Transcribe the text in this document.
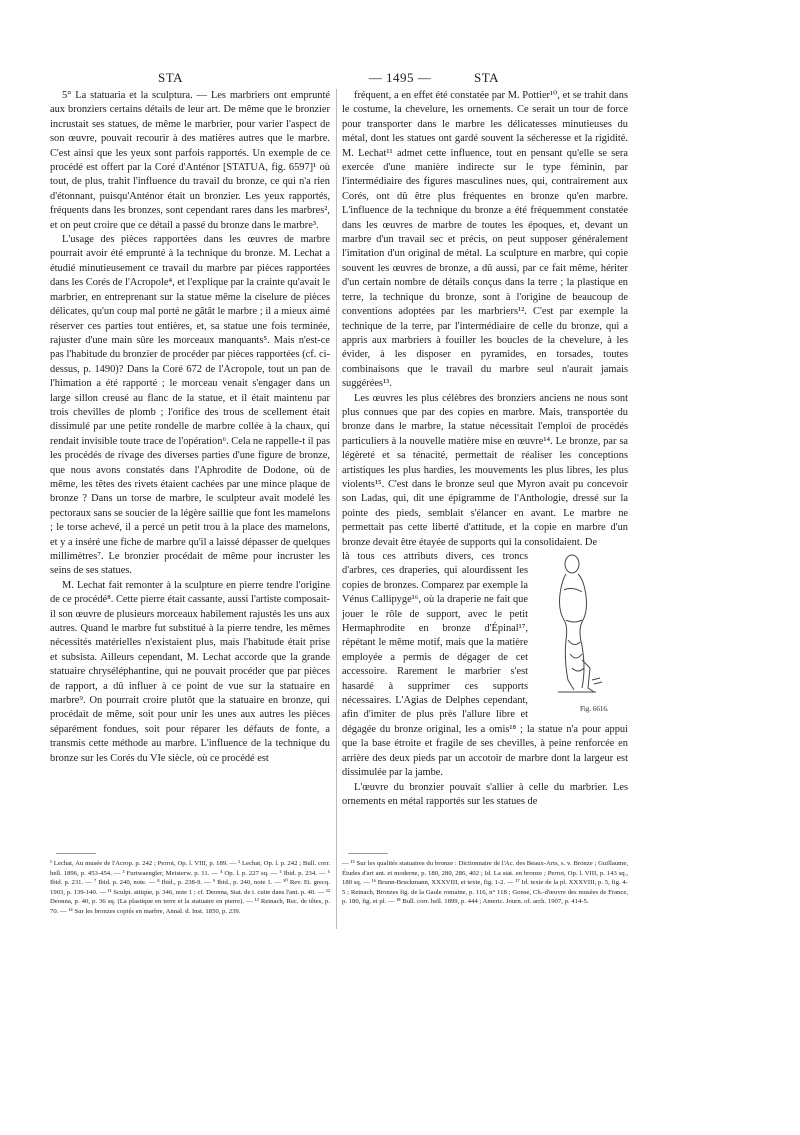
STA	— 1495 —	STA

5° La statuaria et la sculptura. — Les marbriers ont emprunté aux bronziers certains détails de leur art. De même que le bronzier incrustait ses statues, de même le marbrier, pour varier l'aspect de son œuvre, pouvait recourir à des matières autres que le marbre. C'est ainsi que les yeux sont parfois rapportés. Un exemple de ce procédé est offert par la Coré d'Anténor [STATUA, fig. 6597]¹ où tout, de plus, trahit l'influence du travail du bronze, ce qui n'a rien d'étonnant, puisqu'Anténor était un bronzier. Les yeux rapportés, fréquents dans les bronzes, sont cependant rares dans les marbres², et on peut croire que ce détail a passé du bronze dans le marbre³.

L'usage des pièces rapportées dans les œuvres de marbre pourrait avoir été emprunté à la technique du bronze. M. Lechat a étudié minutieusement ce travail du marbre par pièces rapportées dans les Corés de l'Acropole⁴, et l'explique par la crainte qu'avait le marbrier, en entreprenant sur la statue même la ciselure de pièces délicates, qu'un coup mal porté ne gâtât le marbre ; il a mieux aimé réserver ces parties tout entières, et, sa statue une fois terminée, rajuster d'une main sûre les morceaux manquants⁵. Mais n'est-ce pas l'habitude du bronzier de procéder par pièces rapportées (cf. ci-dessus, p. 1490)? Dans la Coré 672 de l'Acropole, tout un pan de l'himation a été rapporté ; le morceau venait s'engager dans un large sillon creusé au flanc de la statue, et il était maintenu par trois chevilles de plomb ; l'orifice des trous de scellement était dissimulé par une petite rondelle de marbre collée à la chaux, qui rendait invisible toute trace de l'opération⁶. Cela ne rappelle-t il pas les procédés de rivage des diverses parties d'une figure de bronze, que nous avons constatés dans l'Aphrodite de Dodone, où de même, les têtes des rivets étaient cachées par une mince plaque de bronze ? Dans un torse de marbre, le sculpteur avait modelé les pectoraux sans se soucier de la légère saillie que font les mamelons ; le torse achevé, il a percé un petit trou à la place des mamelons, et y a inséré une fiche de marbre qu'il a laissé dépasser de quelques millimètres⁷. Le bronzier procédait de même pour incruster les seins de ses statues.

M. Lechat fait remonter à la sculpture en pierre tendre l'origine de ce procédé⁸. Cette pierre était cassante, aussi l'artiste composait-il son œuvre de plusieurs morceaux habilement rajustés les uns aux autres. Quand le marbre fut substitué à la pierre tendre, les mêmes nécessités matérielles n'existaient plus, mais l'habitude était prise et subsista. Ailleurs cependant, M. Lechat accorde que la grande statuaire chryséléphantine, qui ne pouvait procéder que par pièces de rapport, a dû influer à ce point de vue sur la statuaire en marbre⁹. On pourrait croire plutôt que la statuaire en bronze, qui procédait de même, soit pour unir les unes aux autres les pièces séparément fondues, soit pour réparer les défauts de fonte, a transmis cette méthode au marbre. L'influence de la technique du bronze sur les Corés du VIe siècle, où ce procédé est

fréquent, a en effet été constatée par M. Pottier¹⁰, et se trahit dans le costume, la chevelure, les ornements. Ce serait un tour de force pour transporter dans le marbre les délicatesses minutieuses du métal, dont les statues ont gardé souvent la sécheresse et la rigidité. M. Lechat¹¹ admet cette influence, tout en pensant qu'elle se sera exercée d'une manière indirecte sur le type féminin, par l'intermédiaire des figures masculines nues, qui, contrairement aux Corés, ont dû être plus fréquentes en bronze qu'en marbre. L'influence de la technique du bronze a été fréquemment constatée dans les œuvres de marbre de toutes les époques, et, devant un marbre d'un travail sec et précis, on peut supposer généralement l'imitation d'un original de métal. La sculpture en marbre, qui copie souvent les œuvres de bronze, a dû aussi, par ce fait même, hériter d'un certain nombre de détails conçus dans la terre ; la plastique en terre, la technique du bronze, sont à l'origine de beaucoup de conventions adoptées par les marbriers¹². C'est par exemple la technique de la terre, par l'intermédiaire de celle du bronze, qui a appris aux marbriers à fouiller les boucles de la chevelure, à les évider, à les disposer en pyramides, en torsades, toutes combinaisons que le travail du marbre seul n'aurait jamais suggérées¹³.

Les œuvres les plus célèbres des bronziers anciens ne nous sont plus connues que par des copies en marbre. Mais, transportée du bronze dans le marbre, la statue nécessitait l'emploi de procédés particuliers à la nouvelle matière mise en œuvre¹⁴. Le bronze, par sa légèreté et sa ténacité, permettait de réaliser les conceptions artistiques les plus hardies, les mouvements les plus libres, les plus violents¹⁵. C'est dans le bronze seul que Myron avait pu concevoir son Ladas, qui, dit une épigramme de l'Anthologie, dressé sur la pointe des pieds, semblait s'élancer en avant. Le marbre ne permettait pas cette liberté d'attitude, et la copie en marbre d'un bronze devait être étayée de supports qui la consolidaient. De

Fig. 6616.

là tous ces attributs divers, ces troncs d'arbres, ces draperies, qui alourdissent les copies de bronzes. Comparez par exemple la Vénus Callipyge¹⁶, où la draperie ne fait que jouer le rôle de support, avec le petit Hermaphrodite en bronze d'Épinal¹⁷, répétant le même motif, mais que la matière employée a permis de dégager de cet accessoire. Rarement le marbrier s'est hasardé à supprimer ces supports nécessaires. L'Agias de Delphes cependant, afin d'imiter de plus près l'allure libre et dégagée du bronze original, les a omis¹⁸ ; la statue n'a pour appui que la base étroite et fragile de ses chevilles, à peine renforcée en arrière des deux pieds par un accotoir de marbre dont la largeur est dissimulée par la jambe.

L'œuvre du bronzier pouvait s'allier à celle du marbrier. Les ornements en métal rapportés sur les statues de

¹ Lechat, Au musée de l'Acrop. p. 242 ; Perrot, Op. l. VIII, p. 189. — ² Lechat, Op. l. p. 242 ; Bull. corr. hell. 1896, p. 453-454. — ³ Furtwaengler, Meisterw. p. 11. — ⁴ Op. l. p. 227 sq. — ⁵ Ibid. p. 234. — ⁶ Ibid. p. 231. — ⁷ Ibid. p. 240, note. — ⁸ Ibid., p. 238-9. — ⁹ Ibid., p. 240, note 1. — ¹⁰ Rev. Et. grecq. 1903, p. 139-140. — ¹¹ Sculpt. attique, p. 346, note 1 ; cf. Deonna, Stat. de t. cuite dans l'ant. p. 40. — ¹² Deonna, p. 40, p. 36 sq. (La plastique en terre et la statuaire en pierre). — ¹³ Reinach, Rec. de têtes, p. 70. — ¹⁴ Sur les bronzes copiés en marbre, Annal. d. Inst. 1850, p. 239.
— ¹⁵ Sur les qualités statuaires du bronze : Dictionnaire de l'Ac. des Beaux-Arts, s. v. Bronze ; Guillaume, Études d'art ant. et moderne, p. 180, 280, 286, 402 ; Id. La stat. en bronze ; Perrot, Op. l. VIII, p. 143 sq., 180 sq. — ¹⁶ Brunn-Bruckmann, XXXVIII, et texte, fig. 1-2. — ¹⁷ Id. texte de la pl. XXXVIII, p. 5, fig. 4-5 ; Reinach, Bronzes fig. de la Gaule romaine, p. 116, n° 118 ; Gonse, Ch.-d'œuvre des musées de France, p. 180, fig. et pl. — ¹⁸ Bull. corr. hell. 1899, p. 444 ; Americ. Journ. of. arch. 1907, p. 414-5.
